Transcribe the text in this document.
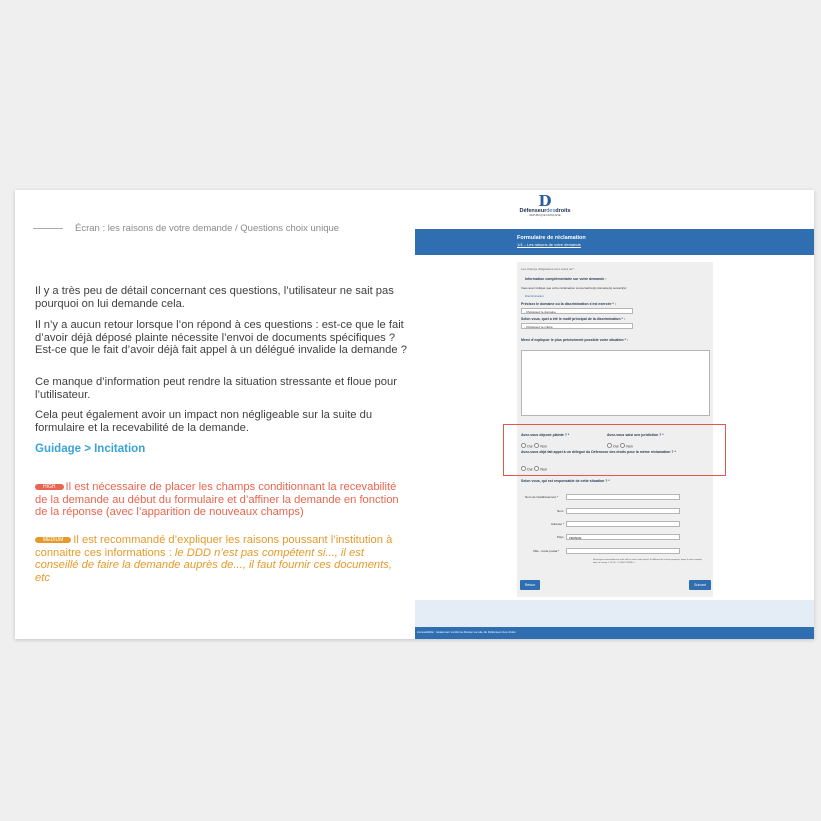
Écran : les raisons de votre demande / Questions choix unique

Il y a très peu de détail concernant ces questions, l’utilisateur ne sait pas pourquoi on lui demande cela.

Il n’y a aucun retour lorsque l’on répond à ces questions : est-ce que le fait d’avoir déjà déposé plainte nécessite l’envoi de documents spécifiques ? Est-ce que le fait d’avoir déjà fait appel à un délégué invalide la demande ?

Ce manque d’information peut rendre la situation stressante et floue pour l’utilisateur.

Cela peut également avoir un impact non négligeable sur la suite du formulaire et la recevabilité de la demande.

Guidage > Incitation

HIGH Il est nécessaire de placer les champs conditionnant la recevabilité de la demande au début du formulaire et d’affiner la demande en fonction de la réponse (avec l’apparition de nouveaux champs)

MEDIUM Il est recommandé d’expliquer les raisons poussant l’institution à connaitre ces informations : le DDD n’est pas compétent si..., il est conseillé de faire la demande auprès de..., il faut fournir ces documents, etc

D
Défenseurdesdroits
RÉPUBLIQUE FRANÇAISE
Formulaire de réclamation
1/4 – Les raisons de votre demande
Les champs obligatoires sont suivis de *
Information complémentaire sur votre demande :
Vous avez indiqué que votre réclamation concernait le(s) domaine(s) suivant(s) :
Discrimination
Précisez le domaine où la discrimination s’est exercée * :
- Choisissez le domaine
Selon vous, quel a été le motif principal de la discrimination * :
- Choisissez le critère
Merci d’expliquer le plus précisément possible votre situation * :
Avez-vous déposé plainte ? *	Avez-vous saisi une juridiction ? *
Oui Non	Oui Non
Avez-vous déjà fait appel à un délégué du Défenseur des droits pour la même réclamation ? *
Oui Non
Selon vous, qui est responsable de cette situation ? *
Nom de l’établissement *
Nom
Adresse *
Pays	FRANCE
Ville - Code postal *
Renseignez manuellement votre ville et votre code postal. Si différent de la liste proposée, tapez le nom complet dans le champ « VILLE - CODE POSTAL ».
Retour	Suivant
Accessibilité : totalement conforme Retour au site du Défenseur des droits
